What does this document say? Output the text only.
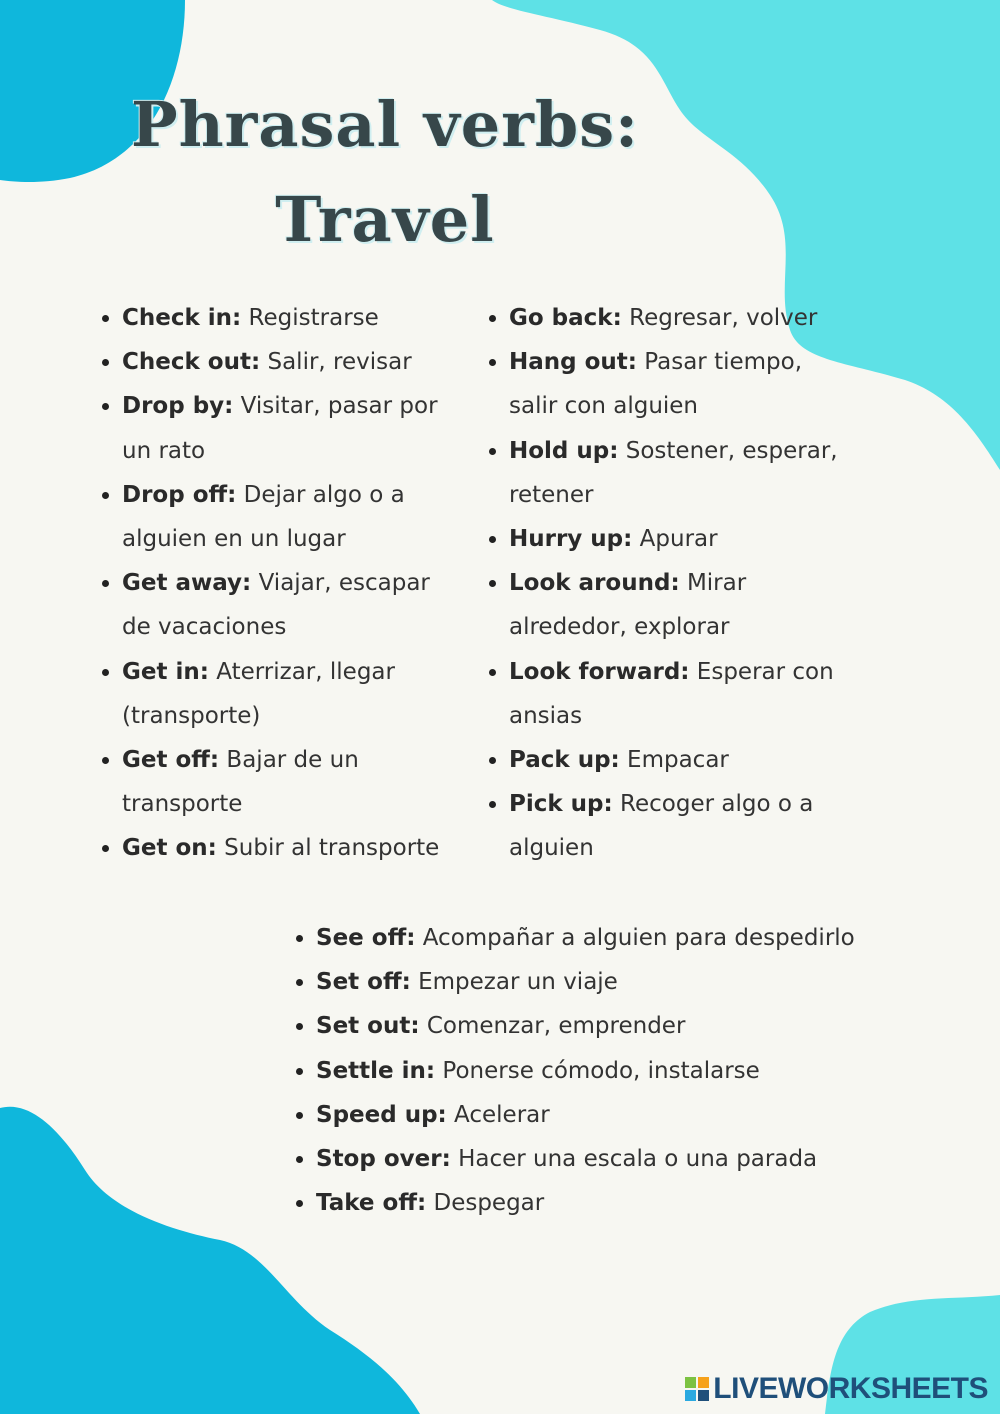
Phrasal verbs:
Travel
• Check in: Registrarse
• Check out: Salir, revisar
• Drop by: Visitar, pasar por un rato
• Drop off: Dejar algo o a alguien en un lugar
• Get away: Viajar, escapar de vacaciones
• Get in: Aterrizar, llegar (transporte)
• Get off: Bajar de un transporte
• Get on: Subir al transporte
• Go back: Regresar, volver
• Hang out: Pasar tiempo, salir con alguien
• Hold up: Sostener, esperar, retener
• Hurry up: Apurar
• Look around: Mirar alrededor, explorar
• Look forward: Esperar con ansias
• Pack up: Empacar
• Pick up: Recoger algo o a alguien
• See off: Acompañar a alguien para despedirlo
• Set off: Empezar un viaje
• Set out: Comenzar, emprender
• Settle in: Ponerse cómodo, instalarse
• Speed up: Acelerar
• Stop over: Hacer una escala o una parada
• Take off: Despegar
LIVEWORKSHEETS
